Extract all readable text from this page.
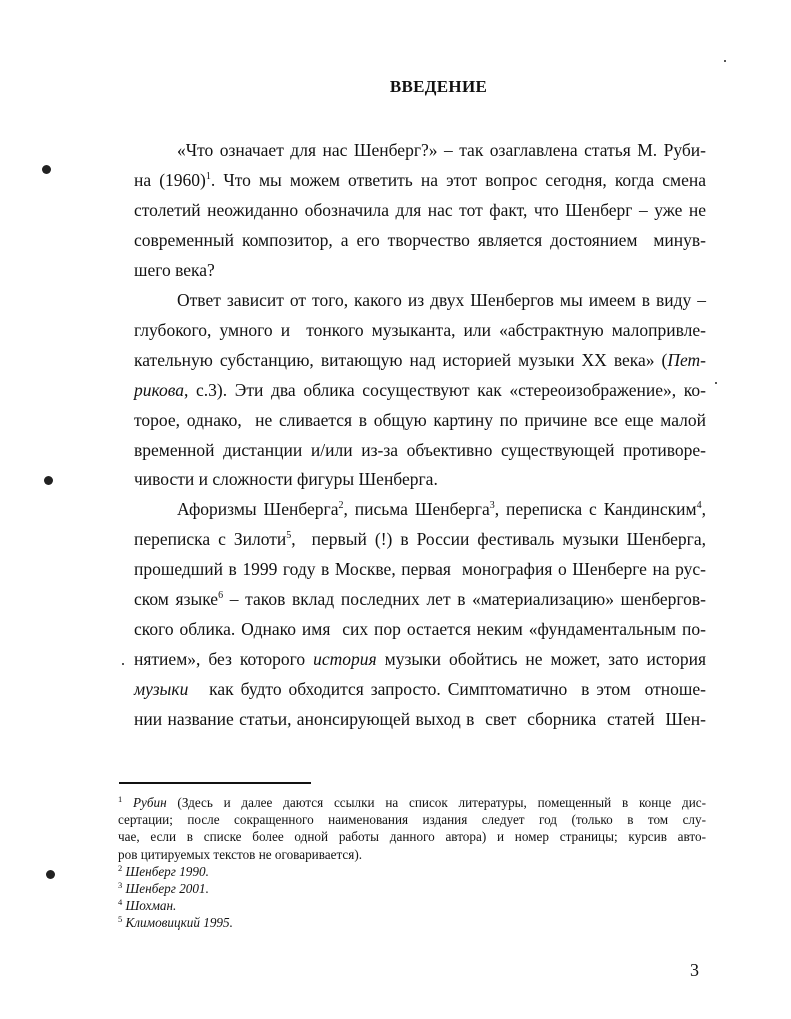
ВВЕДЕНИЕ
«Что означает для нас Шенберг?» – так озаглавлена статья М. Руби-
на $(1960)^1$. Что мы можем ответить на этот вопрос сегодня, когда смена
столетий неожиданно обозначила для нас тот факт, что Шенберг – уже не
современный композитор, а его творчество является достоянием  минув-
шего века?
Ответ зависит от того, какого из двух Шенбергов мы имеем в виду –
глубокого, умного и  тонкого музыканта, или «абстрактную малопривле-
кательную субстанцию, витающую над историей музыки XX века» (Пет-
рикова, с.3). Эти два облика сосуществуют как «стереоизображение», ко-
торое, однако,  не сливается в общую картину по причине все еще малой
временной дистанции и/или из-за объективно существующей противоре-
чивости и сложности фигуры Шенберга.
Афоризмы Шенберга$^2$, письма Шенберга$^3$, переписка с Кандинским$^4$,
переписка с Зилоти$^5$,  первый (!) в России фестиваль музыки Шенберга,
прошедший в 1999 году в Москве, первая  монография о Шенберге на рус-
ском языке$^6$ – таков вклад последних лет в «материализацию» шенбергов-
ского облика. Однако имя  сих пор остается неким «фундаментальным по-
нятием», без которого история музыки обойтись не может, зато история
музыки   как будто обходится запросто. Симптоматично  в этом  отноше-
нии название статьи, анонсирующей выход в  свет  сборника  статей  Шен-
$^1$ Рубин (Здесь и далее даются ссылки на список литературы, помещенный в конце дис-
сертации; после сокращенного наименования издания следует год (только в том слу-
чае, если в списке более одной работы данного автора) и номер страницы; курсив авто-
ров цитируемых текстов не оговаривается).
$^2$ Шенберг 1990.
$^3$ Шенберг 2001.
$^4$ Шохман.
$^5$ Климовицкий 1995.
3
